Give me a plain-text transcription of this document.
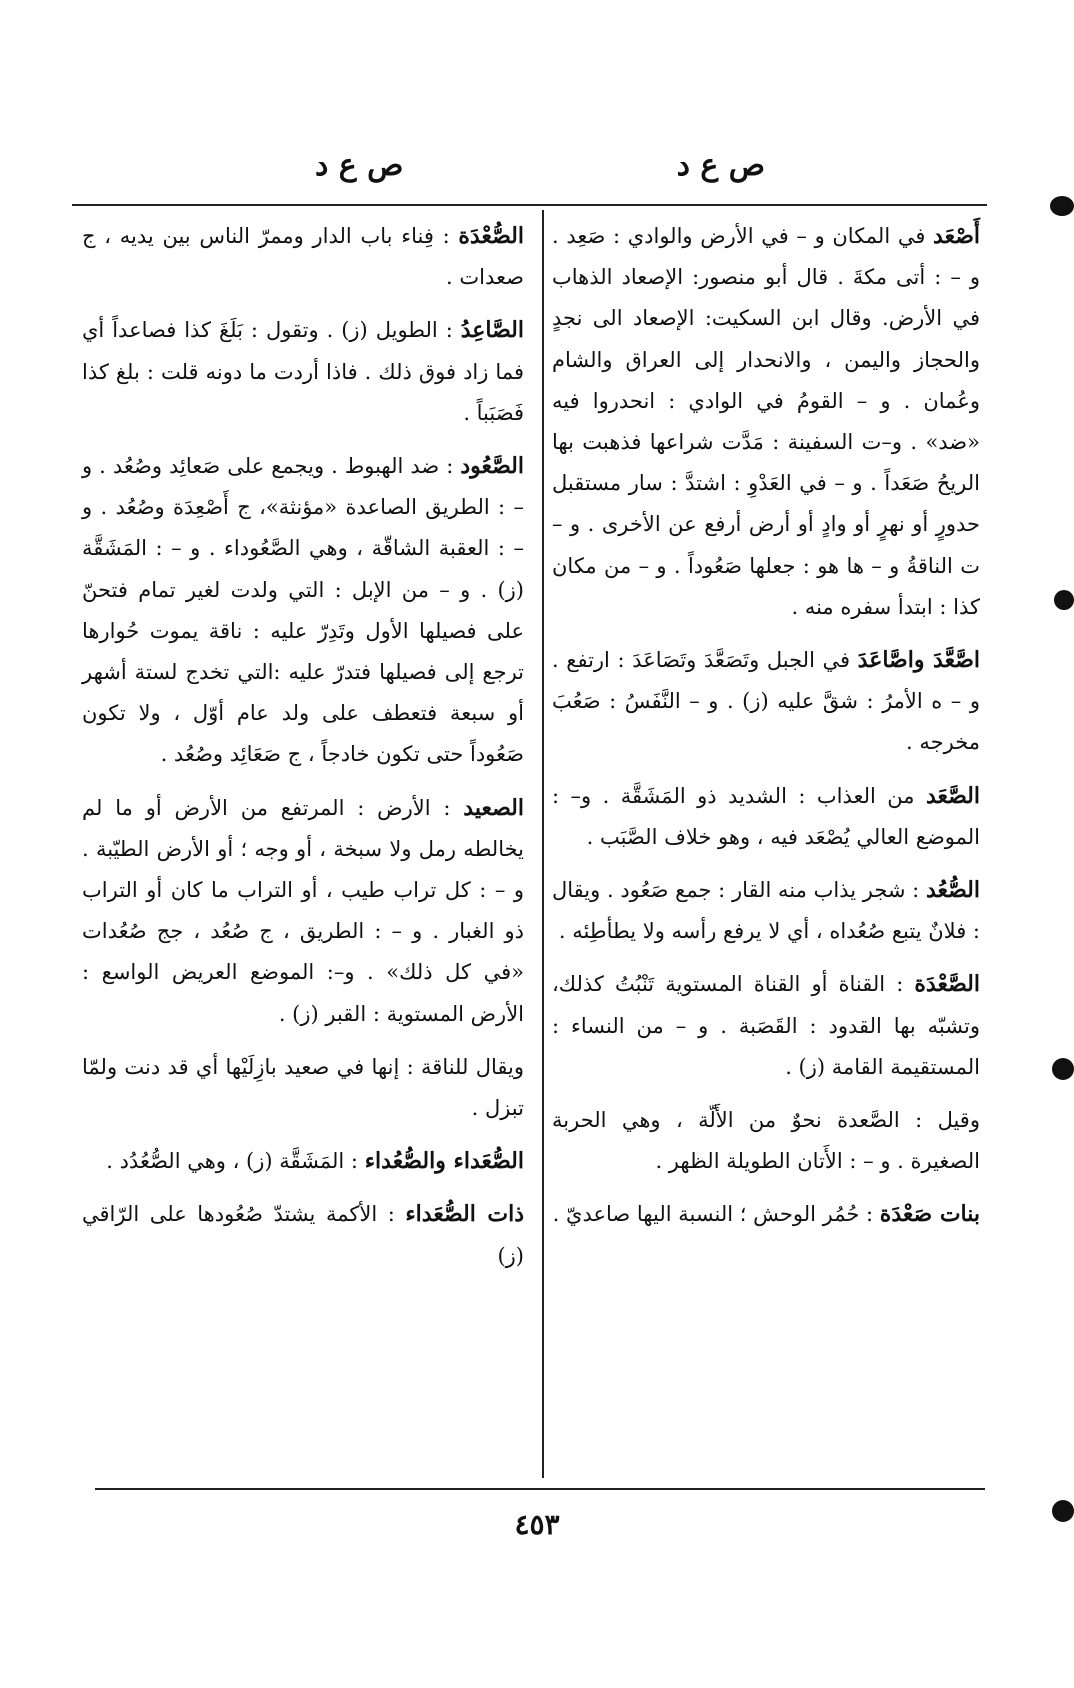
ص ع د
ص ع د

أَصْعَد في المكان و – في الأرض والوادي : صَعِد . و – : أتى مكةَ . قال أبو منصور: الإصعاد الذهاب في الأرض. وقال ابن السكيت: الإصعاد الى نجدٍ والحجاز واليمن ، والانحدار إلى العراق والشام وعُمان . و – القومُ في الوادي : انحدروا فيه «ضد» . و–ت السفينة : مَدَّت شراعها فذهبت بها الريحُ صَعَداً . و – في العَدْوِ : اشتدَّ : سار مستقبل حدورٍ أو نهرٍ أو وادٍ أو أرض أرفع عن الأخرى . و – ت الناقةُ و – ها هو : جعلها صَعُوداً . و – من مكان كذا : ابتدأ سفره منه .

اصَّعَّدَ واصَّاعَدَ في الجبل وتَصَعَّدَ وتَصَاعَدَ : ارتفع . و – ه الأمرُ : شقَّ عليه (ز) . و – النَّفَسُ : صَعُبَ مخرجه .

الصَّعَد من العذاب : الشديد ذو المَشَقَّة . و– : الموضع العالي يُصْعَد فيه ، وهو خلاف الصَّبَب .

الصُّعُد : شجر يذاب منه القار : جمع صَعُود . ويقال : فلانٌ يتبع صُعُداه ، أي لا يرفع رأسه ولا يطأطِئه .

الصَّعْدَة : القناة أو القناة المستوية تَنْبُتُ كذلك، وتشبّه بها القدود : القَصَبة . و – من النساء : المستقيمة القامة (ز) .

وقيل : الصَّعدة نحوٌ من الأَلّة ، وهي الحربة الصغيرة . و – : الأَتان الطويلة الظهر .

بنات صَعْدَة : حُمُر الوحش ؛ النسبة اليها صاعديّ .

الصُّعْدَة : فِناء باب الدار وممرّ الناس بين يديه ، ج صعدات .

الصَّاعِدُ : الطويل (ز) . وتقول : بَلَغَ كذا فصاعداً أي فما زاد فوق ذلك . فاذا أردت ما دونه قلت : بلغ كذا فَصَبَباً .

الصَّعُود : ضد الهبوط . ويجمع على صَعائِد وصُعُد . و – : الطريق الصاعدة «مؤنثة»، ج أَصْعِدَة وصُعُد . و – : العقبة الشاقّة ، وهي الصَّعُوداء . و – : المَشَقَّة (ز) . و – من الإبل : التي ولدت لغير تمام فتحنّ على فصيلها الأول وتَدِرّ عليه : ناقة يموت حُوارها ترجع إلى فصيلها فتدرّ عليه :التي تخدج لستة أشهر أو سبعة فتعطف على ولد عام أوّل ، ولا تكون صَعُوداً حتى تكون خادجاً ، ج صَعَائِد وصُعُد .

الصعيد : الأرض : المرتفع من الأرض أو ما لم يخالطه رمل ولا سبخة ، أو وجه ؛ أو الأرض الطيّبة . و – : كل تراب طيب ، أو التراب ما كان أو التراب ذو الغبار . و – : الطريق ، ج صُعُد ، جج صُعُدات «في كل ذلك» . و–: الموضع العريض الواسع : الأرض المستوية : القبر (ز) .

ويقال للناقة : إنها في صعيد بازِلَيْها أي قد دنت ولمّا تبزل .

الصُّعَداء والصُّعُداء : المَشَقَّة (ز) ، وهي الصُّعُدُد .

ذات الصُّعَداء : الأكمة يشتدّ صُعُودها على الرّاقي (ز)

٤٥٣
